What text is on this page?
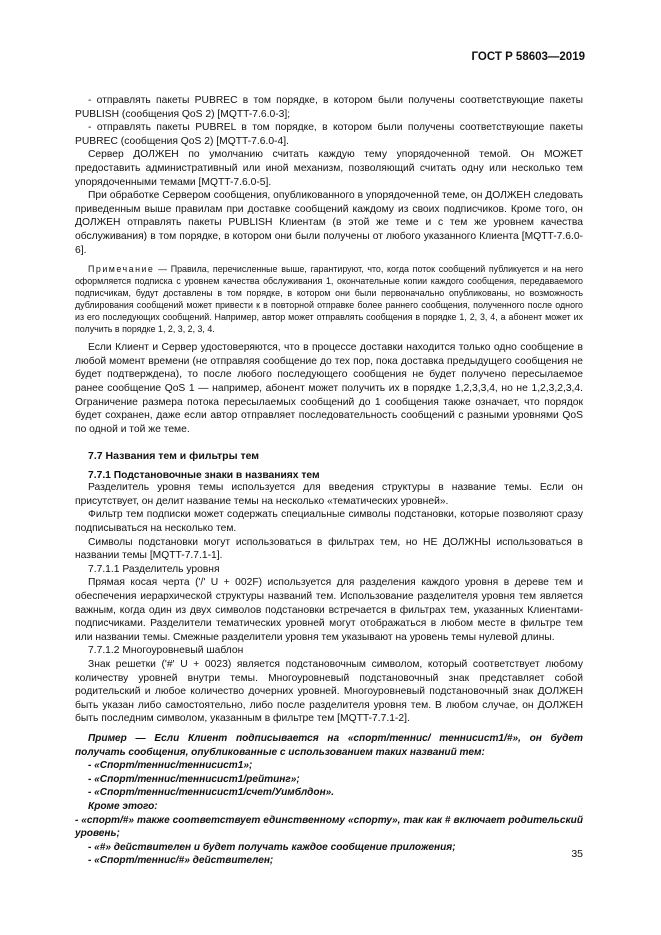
ГОСТ Р 58603—2019

- отправлять пакеты PUBREC в том порядке, в котором были получены соответствующие пакеты PUBLISH (сообщения QoS 2) [MQTT-7.6.0-3];

- отправлять пакеты PUBREL в том порядке, в котором были получены соответствующие пакеты PUBREC (сообщения QoS 2) [MQTT-7.6.0-4].

Сервер ДОЛЖЕН по умолчанию считать каждую тему упорядоченной темой. Он МОЖЕТ предоставить административный или иной механизм, позволяющий считать одну или несколько тем упорядоченными темами [MQTT-7.6.0-5].

При обработке Сервером сообщения, опубликованного в упорядоченной теме, он ДОЛЖЕН следовать приведенным выше правилам при доставке сообщений каждому из своих подписчиков. Кроме того, он ДОЛЖЕН отправлять пакеты PUBLISH Клиентам (в этой же теме и с тем же уровнем качества обслуживания) в том порядке, в котором они были получены от любого указанного Клиента [MQTT-7.6.0-6].

Примечание — Правила, перечисленные выше, гарантируют, что, когда поток сообщений публикуется и на него оформляется подписка с уровнем качества обслуживания 1, окончательные копии каждого сообщения, передаваемого подписчикам, будут доставлены в том порядке, в котором они были первоначально опубликованы, но возможность дублирования сообщений может привести к в повторной отправке более раннего сообщения, полученного после одного из его последующих сообщений. Например, автор может отправлять сообщения в порядке 1, 2, 3, 4, а абонент может их получить в порядке 1, 2, 3, 2, 3, 4.

Если Клиент и Сервер удостоверяются, что в процессе доставки находится только одно сообщение в любой момент времени (не отправляя сообщение до тех пор, пока доставка предыдущего сообщения не будет подтверждена), то после любого последующего сообщения не будет получено пересылаемое ранее сообщение QoS 1 — например, абонент может получить их в порядке 1,2,3,3,4, но не 1,2,3,2,3,4. Ограничение размера потока пересылаемых сообщений до 1 сообщения также означает, что порядок будет сохранен, даже если автор отправляет последовательность сообщений с разными уровнями QoS по одной и той же теме.

7.7 Названия тем и фильтры тем
7.7.1 Подстановочные знаки в названиях тем

Разделитель уровня темы используется для введения структуры в название темы. Если он присутствует, он делит название темы на несколько «тематических уровней».

Фильтр тем подписки может содержать специальные символы подстановки, которые позволяют сразу подписываться на несколько тем.

Символы подстановки могут использоваться в фильтрах тем, но НЕ ДОЛЖНЫ использоваться в названии темы [MQTT-7.7.1-1].

7.7.1.1 Разделитель уровня

Прямая косая черта ('/' U + 002F) используется для разделения каждого уровня в дереве тем и обеспечения иерархической структуры названий тем. Использование разделителя уровня тем является важным, когда один из двух символов подстановки встречается в фильтрах тем, указанных Клиентами-подписчиками. Разделители тематических уровней могут отображаться в любом месте в фильтре тем или названии темы. Смежные разделители уровня тем указывают на уровень темы нулевой длины.

7.7.1.2 Многоуровневый шаблон

Знак решетки ('#' U + 0023) является подстановочным символом, который соответствует любому количеству уровней внутри темы. Многоуровневый подстановочный знак представляет собой родительский и любое количество дочерних уровней. Многоуровневый подстановочный знак ДОЛЖЕН быть указан либо самостоятельно, либо после разделителя уровня тем. В любом случае, он ДОЛЖЕН быть последним символом, указанным в фильтре тем [MQTT-7.7.1-2].

Пример — Если Клиент подписывается на «спорт/теннис/ теннисист1/#», он будет получать сообщения, опубликованные с использованием таких названий тем:

- «Спорт/теннис/теннисист1»;

- «Спорт/теннис/теннисист1/рейтинг»;

- «Спорт/теннис/теннисист1/счет/Уимблдон».

Кроме этого:

- «спорт/#» также соответствует единственному «спорту», так как # включает родительский уровень;

- «#» действителен и будет получать каждое сообщение приложения;

- «Спорт/теннис/#» действителен;

35
